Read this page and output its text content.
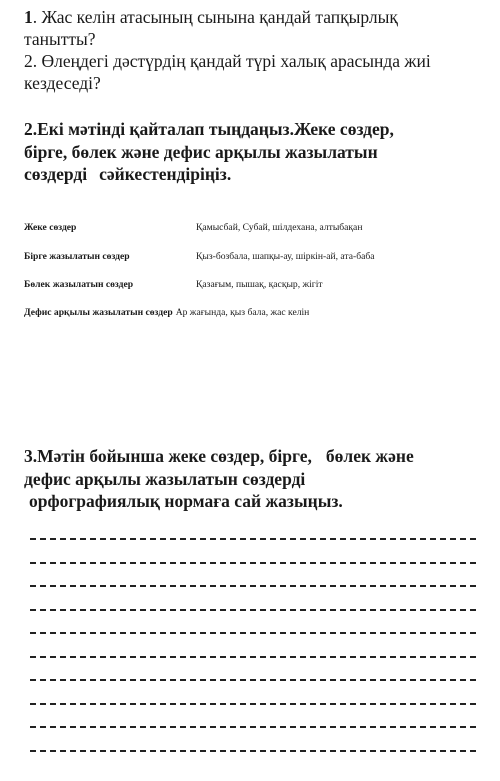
1. Жас келін атасының сынына қандай тапқырлық
танытты?
2. Өлеңдегі дәстүрдің қандай түрі халық арасында жиі
кездеседі?
2.Екі мәтінді қайталап тыңдаңыз.Жеке сөздер,
бірге, бөлек және дефис арқылы жазылатын
сөздерді сәйкестендіріңіз.
Жеке сөздер	Қамысбай, Субай, шілдехана, алтыбақан
Бірге жазылатын сөздер	Қыз-бозбала, шапқы-ау, шіркін-ай, ата-баба
Бөлек жазылатын сөздер	Қазағым, пышақ, қасқыр, жігіт
Дефис арқылы жазылатын сөздер Ар жағында, қыз бала, жас келін
3.Мәтін бойынша жеке сөздер, бірге, бөлек және
дефис арқылы жазылатын сөздерді
орфографиялық нормаға сай жазыңыз.
